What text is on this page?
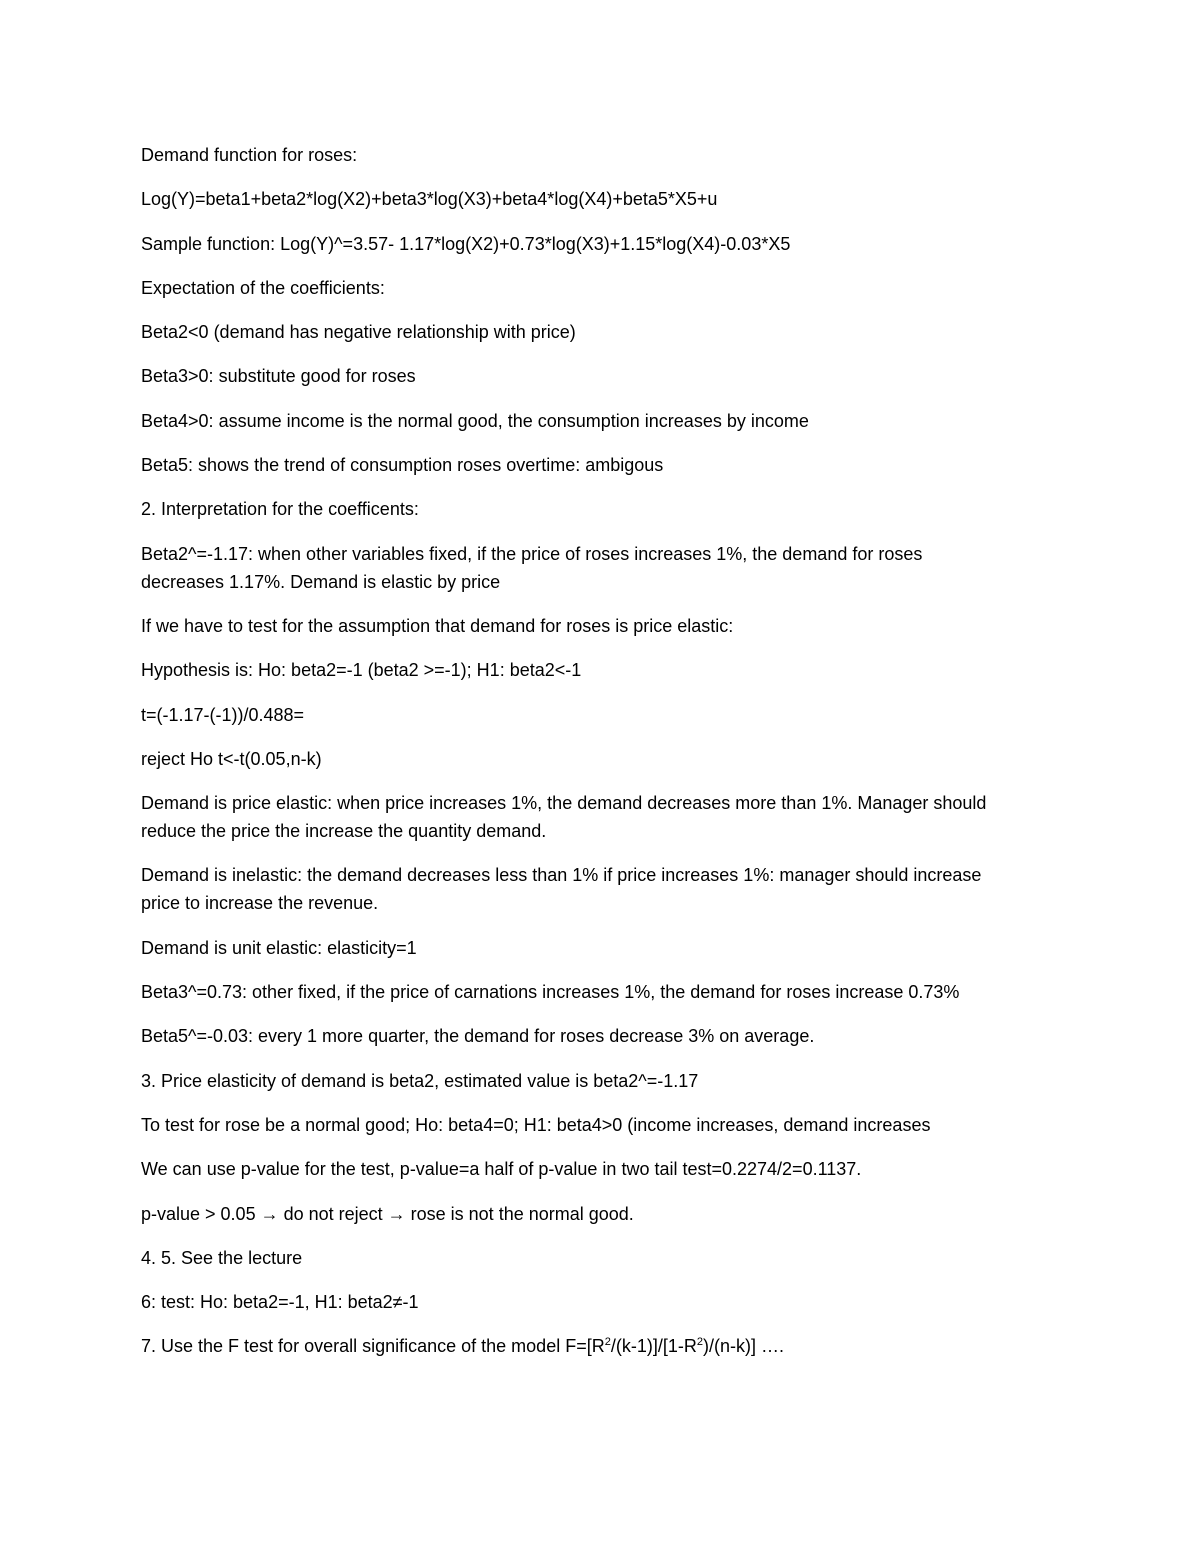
Demand function for roses:

Log(Y)=beta1+beta2*log(X2)+beta3*log(X3)+beta4*log(X4)+beta5*X5+u

Sample function: Log(Y)^=3.57- 1.17*log(X2)+0.73*log(X3)+1.15*log(X4)-0.03*X5

Expectation of the coefficients:

Beta2<0 (demand has negative relationship with price)

Beta3>0: substitute good for roses

Beta4>0: assume income is the normal good, the consumption increases by income

Beta5: shows the trend of consumption roses overtime: ambigous

2. Interpretation for the coefficents:

Beta2^=-1.17: when other variables fixed, if the price of roses increases 1%, the demand for roses
decreases 1.17%. Demand is elastic by price

If we have to test for the assumption that demand for roses is price elastic:

Hypothesis is: Ho: beta2=-1 (beta2 >=-1); H1: beta2<-1

t=(-1.17-(-1))/0.488=

reject Ho t<-t(0.05,n-k)

Demand is price elastic: when price increases 1%, the demand decreases more than 1%. Manager should
reduce the price the increase the quantity demand.

Demand is inelastic: the demand decreases less than 1% if price increases 1%: manager should increase
price to increase the revenue.

Demand is unit elastic: elasticity=1

Beta3^=0.73: other fixed, if the price of carnations increases 1%, the demand for roses increase 0.73%

Beta5^=-0.03: every 1 more quarter, the demand for roses decrease 3% on average.

3. Price elasticity of demand is beta2, estimated value is beta2^=-1.17

To test for rose be a normal good; Ho: beta4=0; H1: beta4>0 (income increases, demand increases

We can use p-value for the test, p-value=a half of p-value in two tail test=0.2274/2=0.1137.

p-value > 0.05 → do not reject → rose is not the normal good.

4. 5. See the lecture

6: test: Ho: beta2=-1, H1: beta2≠-1

7. Use the F test for overall significance of the model $F=[R^2/(k-1)]/[1-R^2)/(n-k)$] ….
